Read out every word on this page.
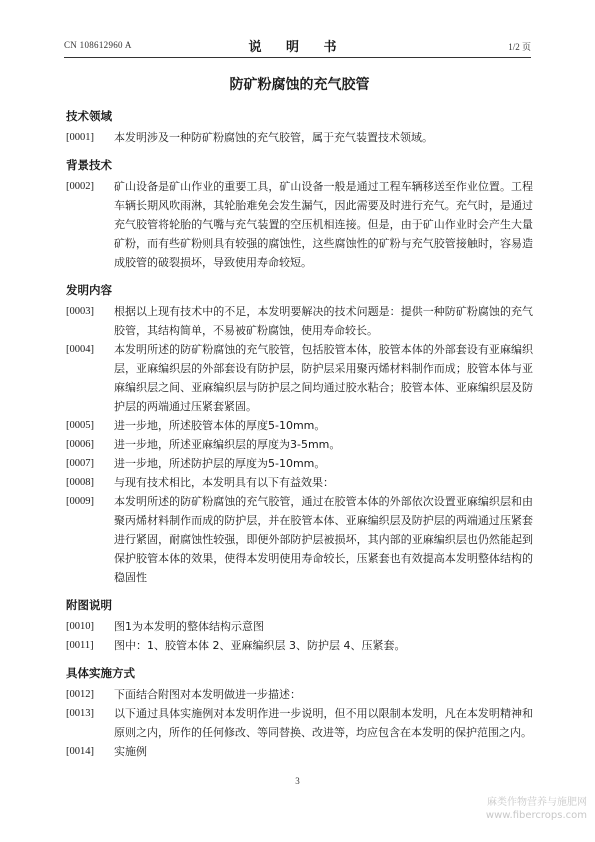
CN 108612960 A	说 明 书	1/2 页
防矿粉腐蚀的充气胶管
技术领域
[0001]	本发明涉及一种防矿粉腐蚀的充气胶管，属于充气装置技术领域。
背景技术
[0002]	矿山设备是矿山作业的重要工具，矿山设备一般是通过工程车辆移送至作业位置。工程车辆长期风吹雨淋，其轮胎难免会发生漏气，因此需要及时进行充气。充气时，是通过充气胶管将轮胎的气嘴与充气装置的空压机相连接。但是，由于矿山作业时会产生大量矿粉，而有些矿粉则具有较强的腐蚀性，这些腐蚀性的矿粉与充气胶管接触时，容易造成胶管的破裂损坏，导致使用寿命较短。
发明内容
[0003]	根据以上现有技术中的不足，本发明要解决的技术问题是：提供一种防矿粉腐蚀的充气胶管，其结构简单，不易被矿粉腐蚀，使用寿命较长。
[0004]	本发明所述的防矿粉腐蚀的充气胶管，包括胶管本体，胶管本体的外部套设有亚麻编织层，亚麻编织层的外部套设有防护层，防护层采用聚丙烯材料制作而成；胶管本体与亚麻编织层之间、亚麻编织层与防护层之间均通过胶水粘合；胶管本体、亚麻编织层及防护层的两端通过压紧套紧固。
[0005]	进一步地，所述胶管本体的厚度5-10mm。
[0006]	进一步地，所述亚麻编织层的厚度为3-5mm。
[0007]	进一步地，所述防护层的厚度为5-10mm。
[0008]	与现有技术相比，本发明具有以下有益效果：
[0009]	本发明所述的防矿粉腐蚀的充气胶管，通过在胶管本体的外部依次设置亚麻编织层和由聚丙烯材料制作而成的防护层，并在胶管本体、亚麻编织层及防护层的两端通过压紧套进行紧固，耐腐蚀性较强，即便外部防护层被损坏，其内部的亚麻编织层也仍然能起到保护胶管本体的效果，使得本发明使用寿命较长，压紧套也有效提高本发明整体结构的稳固性
附图说明
[0010]	图1为本发明的整体结构示意图
[0011]	图中：1、胶管本体 2、亚麻编织层 3、防护层 4、压紧套。
具体实施方式
[0012]	下面结合附图对本发明做进一步描述：
[0013]	以下通过具体实施例对本发明作进一步说明，但不用以限制本发明，凡在本发明精神和原则之内，所作的任何修改、等同替换、改进等，均应包含在本发明的保护范围之内。
[0014]	实施例
3
麻类作物营养与施肥网
www.fibercrops.com
